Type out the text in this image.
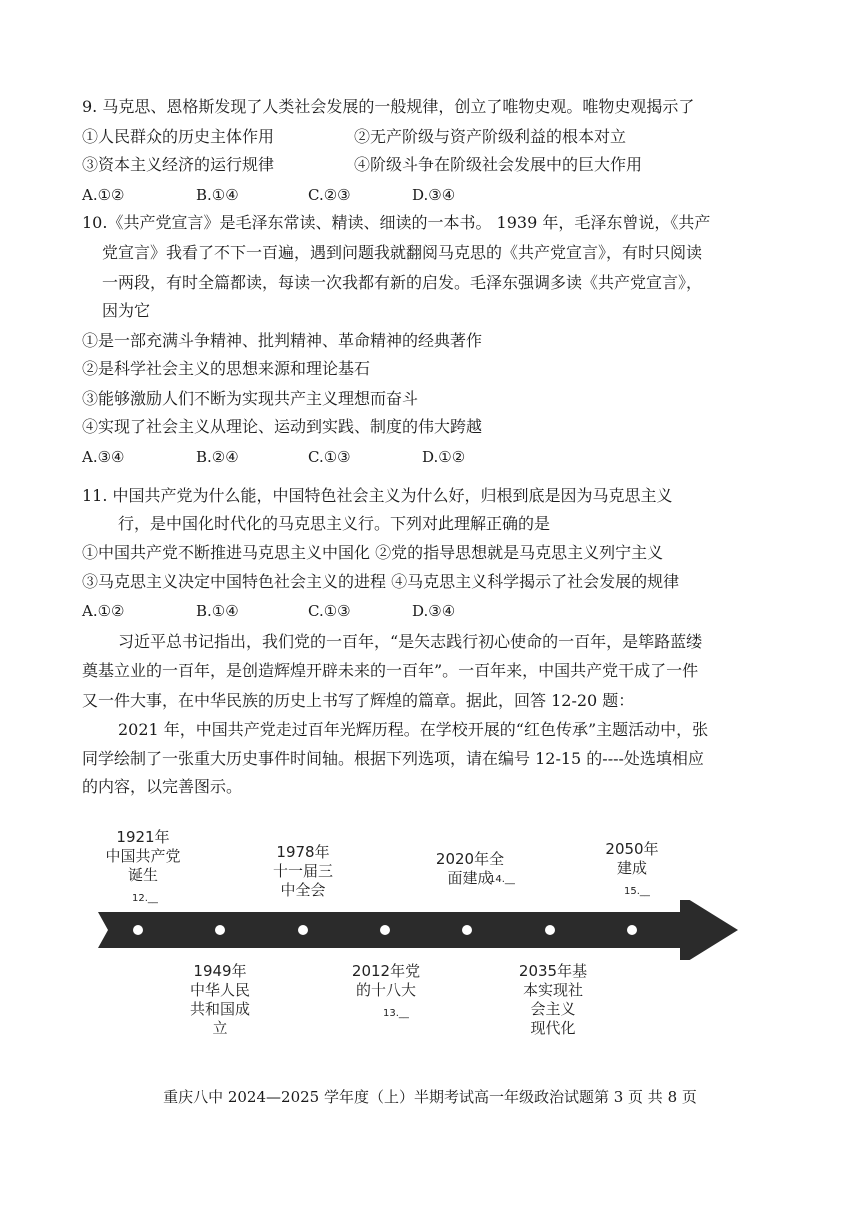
9. 马克思、恩格斯发现了人类社会发展的一般规律，创立了唯物史观。唯物史观揭示了
①人民群众的历史主体作用	②无产阶级与资产阶级利益的根本对立
③资本主义经济的运行规律	④阶级斗争在阶级社会发展中的巨大作用
A.①②	B.①④	C.②③	D.③④
10.《共产党宣言》是毛泽东常读、精读、细读的一本书。 1939 年，毛泽东曾说，《共产
党宣言》我看了不下一百遍，遇到问题我就翻阅马克思的《共产党宣言》，有时只阅读
一两段，有时全篇都读，每读一次我都有新的启发。毛泽东强调多读《共产党宣言》，
因为它
①是一部充满斗争精神、批判精神、革命精神的经典著作
②是科学社会主义的思想来源和理论基石
③能够激励人们不断为实现共产主义理想而奋斗
④实现了社会主义从理论、运动到实践、制度的伟大跨越
A.③④	B.②④	C.①③	D.①②
11. 中国共产党为什么能，中国特色社会主义为什么好，归根到底是因为马克思主义
行，是中国化时代化的马克思主义行。下列对此理解正确的是
①中国共产党不断推进马克思主义中国化 ②党的指导思想就是马克思主义列宁主义
③马克思主义决定中国特色社会主义的进程 ④马克思主义科学揭示了社会发展的规律
A.①②	B.①④	C.①③	D.③④
习近平总书记指出，我们党的一百年，“是矢志践行初心使命的一百年，是筚路蓝缕
奠基立业的一百年，是创造辉煌开辟未来的一百年”。一百年来，中国共产党干成了一件
又一件大事，在中华民族的历史上书写了辉煌的篇章。据此，回答 12-20 题：
2021 年，中国共产党走过百年光辉历程。在学校开展的“红色传承”主题活动中，张
同学绘制了一张重大历史事件时间轴。根据下列选项，请在编号 12-15 的----处选填相应
的内容，以完善图示。
1921年
中国共产党
诞生
12.__
1978年
十一届三
中全会
2020年全
面建成
14.__
2050年
建成
15.__
1949年
中华人民
共和国成
立
2012年党
的十八大
13.__
2035年基
本实现社
会主义
现代化
重庆八中 2024—2025 学年度（上）半期考试高一年级政治试题第 3 页 共 8 页
